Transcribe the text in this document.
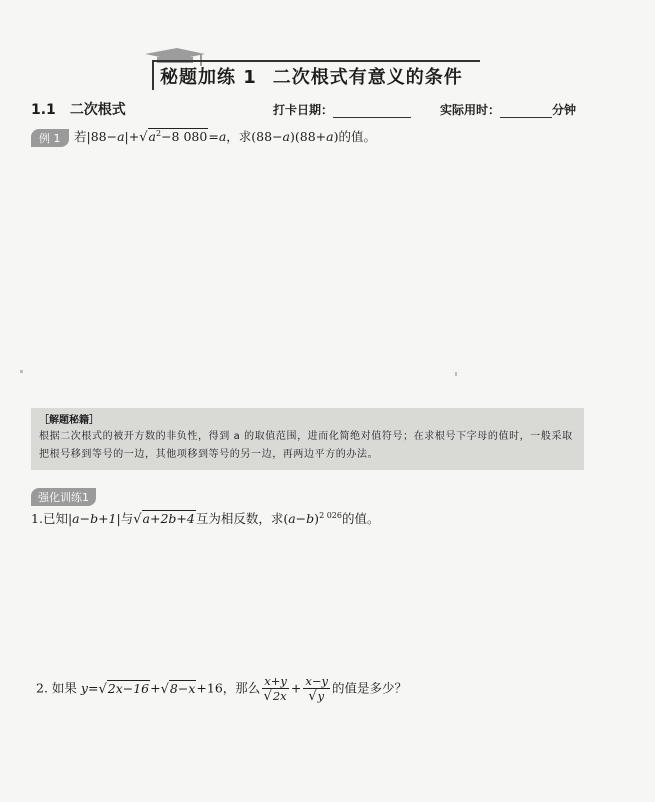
秘题加练 1 二次根式有意义的条件
1.1 二次根式	打卡日期：	实际用时：	分钟
例 1	若$|88-a|+√a^2-8$ 080=a，求(88−a)(88+a)的值。
［解题秘籍］
根据二次根式的被开方数的非负性，得到 a 的取值范围，进而化简绝对值符号；在求根号下字母的值时，一般采取
把根号移到等号的一边，其他项移到等号的另一边，再两边平方的办法。
强化训练1
1.已知|a−b+1|与√a+2b+4互为相反数，求$(a-b)^{2 026}$的值。
2. 如果 y=√2x−16+√8−x+16，那么 $\frac{x+y}{√2x} + \frac{x-y}{√y}$ 的值是多少？
